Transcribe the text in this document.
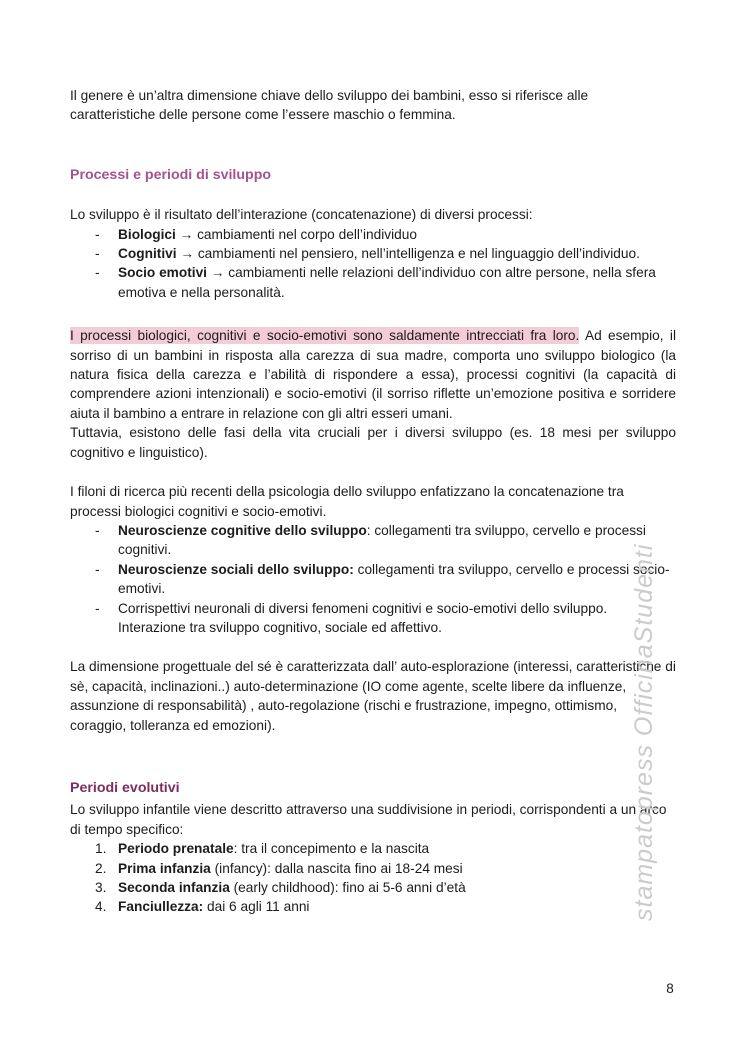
Il genere è un’altra dimensione chiave dello sviluppo dei bambini, esso si riferisce alle caratteristiche delle persone come l’essere maschio o femmina.

Processi e periodi di sviluppo

Lo sviluppo è il risultato dell’interazione (concatenazione) di diversi processi:

-	Biologici → cambiamenti nel corpo dell’individuo
-	Cognitivi → cambiamenti nel pensiero, nell’intelligenza e nel linguaggio dell’individuo.
-	Socio emotivi → cambiamenti nelle relazioni dell’individuo con altre persone, nella sfera emotiva e nella personalità.

I processi biologici, cognitivi e socio-emotivi sono saldamente intrecciati fra loro. Ad esempio, il sorriso di un bambini in risposta alla carezza di sua madre, comporta uno sviluppo biologico (la natura fisica della carezza e l’abilità di rispondere a essa), processi cognitivi (la capacità di comprendere azioni intenzionali) e socio-emotivi (il sorriso riflette un’emozione positiva e sorridere aiuta il bambino a entrare in relazione con gli altri esseri umani.

Tuttavia, esistono delle fasi della vita cruciali per i diversi sviluppo (es. 18 mesi per sviluppo cognitivo e linguistico).

I filoni di ricerca più recenti della psicologia dello sviluppo enfatizzano la concatenazione tra processi biologici cognitivi e socio-emotivi.

-	Neuroscienze cognitive dello sviluppo: collegamenti tra sviluppo, cervello e processi cognitivi.
-	Neuroscienze sociali dello sviluppo: collegamenti tra sviluppo, cervello e processi socio-emotivi.
-	Corrispettivi neuronali di diversi fenomeni cognitivi e socio-emotivi dello sviluppo. Interazione tra sviluppo cognitivo, sociale ed affettivo.

La dimensione progettuale del sé è caratterizzata dall’ auto-esplorazione (interessi, caratteristiche di sè, capacità, inclinazioni..) auto-determinazione (IO come agente, scelte libere da influenze, assunzione di responsabilità) , auto-regolazione (rischi e frustrazione, impegno, ottimismo, coraggio, tolleranza ed emozioni).

Periodi evolutivi

Lo sviluppo infantile viene descritto attraverso una suddivisione in periodi, corrispondenti a un arco di tempo specifico:

1. Periodo prenatale: tra il concepimento e la nascita
2. Prima infanzia (infancy): dalla nascita fino ai 18-24 mesi
3. Seconda infanzia (early childhood): fino ai 5-6 anni d’età
4. Fanciullezza: dai 6 agli 11 anni	stampatopress OfficinaStudenti
8
